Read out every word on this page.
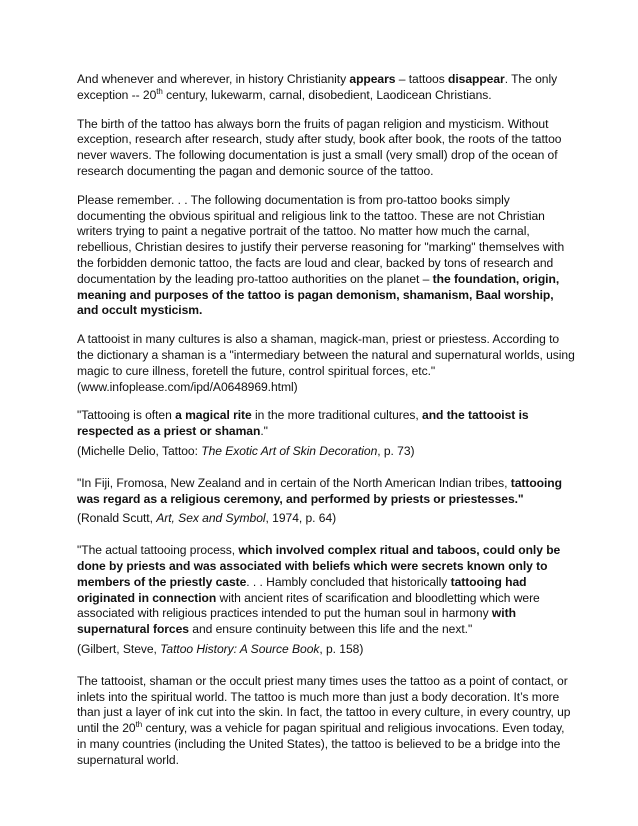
And whenever and wherever, in history Christianity appears – tattoos disappear. The only exception -- 20th century, lukewarm, carnal, disobedient, Laodicean Christians.

The birth of the tattoo has always born the fruits of pagan religion and mysticism. Without exception, research after research, study after study, book after book, the roots of the tattoo never wavers. The following documentation is just a small (very small) drop of the ocean of research documenting the pagan and demonic source of the tattoo.

Please remember. . . The following documentation is from pro-tattoo books simply documenting the obvious spiritual and religious link to the tattoo. These are not Christian writers trying to paint a negative portrait of the tattoo. No matter how much the carnal, rebellious, Christian desires to justify their perverse reasoning for "marking" themselves with the forbidden demonic tattoo, the facts are loud and clear, backed by tons of research and documentation by the leading pro-tattoo authorities on the planet – the foundation, origin, meaning and purposes of the tattoo is pagan demonism, shamanism, Baal worship, and occult mysticism.

A tattooist in many cultures is also a shaman, magick-man, priest or priestess. According to the dictionary a shaman is a "intermediary between the natural and supernatural worlds, using magic to cure illness, foretell the future, control spiritual forces, etc." (www.infoplease.com/ipd/A0648969.html)

"Tattooing is often a magical rite in the more traditional cultures, and the tattooist is respected as a priest or shaman."

(Michelle Delio, Tattoo: The Exotic Art of Skin Decoration, p. 73)

"In Fiji, Fromosa, New Zealand and in certain of the North American Indian tribes, tattooing was regard as a religious ceremony, and performed by priests or priestesses."

(Ronald Scutt, Art, Sex and Symbol, 1974, p. 64)

"The actual tattooing process, which involved complex ritual and taboos, could only be done by priests and was associated with beliefs which were secrets known only to members of the priestly caste. . . Hambly concluded that historically tattooing had originated in connection with ancient rites of scarification and bloodletting which were associated with religious practices intended to put the human soul in harmony with supernatural forces and ensure continuity between this life and the next."

(Gilbert, Steve, Tattoo History: A Source Book, p. 158)

The tattooist, shaman or the occult priest many times uses the tattoo as a point of contact, or inlets into the spiritual world. The tattoo is much more than just a body decoration. It’s more than just a layer of ink cut into the skin. In fact, the tattoo in every culture, in every country, up until the 20th century, was a vehicle for pagan spiritual and religious invocations. Even today, in many countries (including the United States), the tattoo is believed to be a bridge into the supernatural world.
